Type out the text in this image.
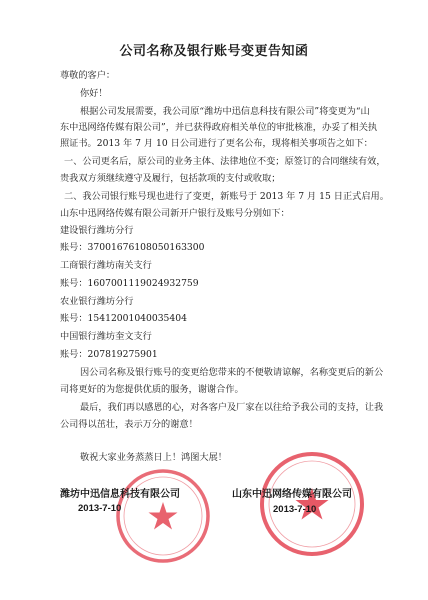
公司名称及银行账号变更告知函
尊敬的客户：
你好！
根据公司发展需要，我公司原“潍坊中迅信息科技有限公司”将变更为“山
东中迅网络传媒有限公司”，并已获得政府相关单位的审批核准，办妥了相关执
照证书。2013 年 7 月 10 日公司进行了更名公布，现将相关事项告之如下：
一、公司更名后，原公司的业务主体、法律地位不变；原签订的合同继续有效，
贵我双方须继续遵守及履行，包括款项的支付或收取；
二、我公司银行账号现也进行了变更，新账号于 2013 年 7 月 15 日正式启用。
山东中迅网络传媒有限公司新开户银行及账号分别如下：
建设银行潍坊分行
账号：37001676108050163300
工商银行潍坊南关支行
账号：1607001119024932759
农业银行潍坊分行
账号：15412001040035404
中国银行潍坊奎文支行
账号：207819275901
因公司名称及银行账号的变更给您带来的不便敬请谅解，名称变更后的新公
司将更好的为您提供优质的服务，谢谢合作。
最后，我们再以感恩的心，对各客户及厂家在以往给予我公司的支持，让我
公司得以茁壮，表示万分的谢意！
敬祝大家业务蒸蒸日上！鸿图大展！
潍坊中迅信息科技有限公司
2013-7-10
山东中迅网络传媒有限公司
2013-7-10
